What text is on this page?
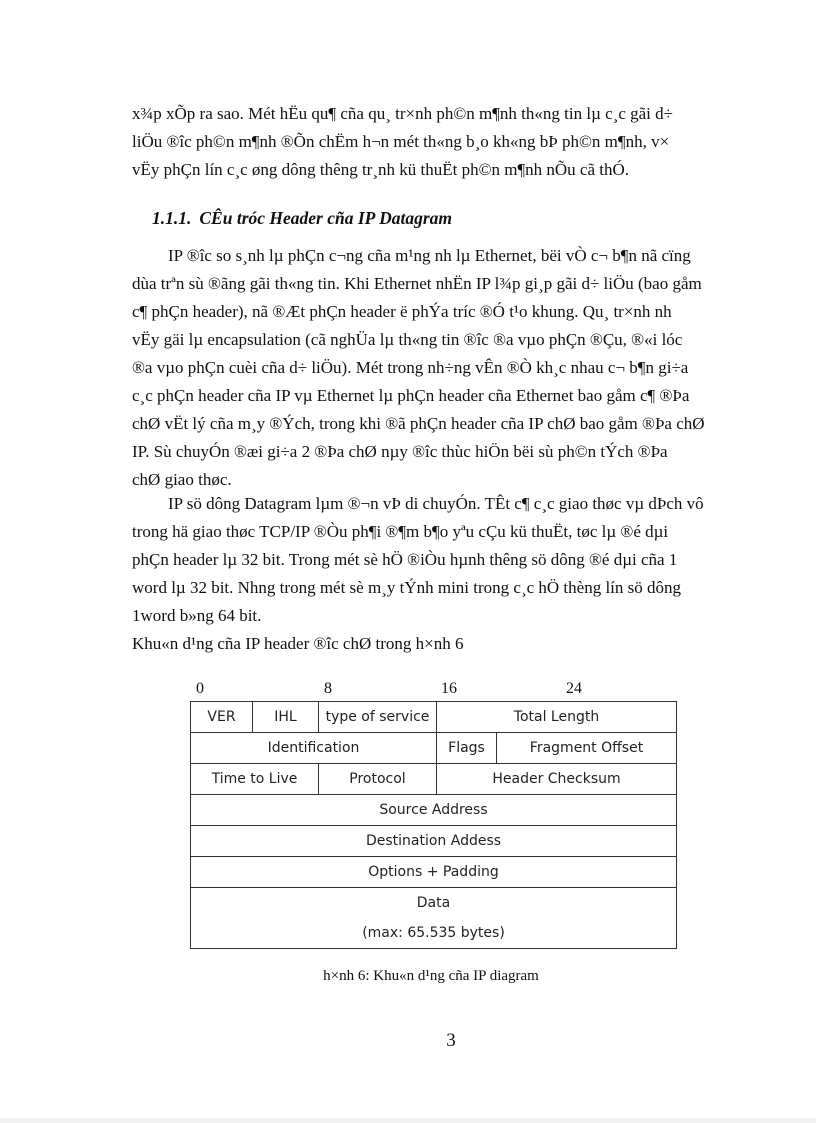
x¾p xÕp ra sao. Mét hËu qu¶ cña qu¸ tr×nh ph©n m¶nh th«ng tin lµ c¸c gãi d÷
liÖu ®îc ph©n m¶nh ®Õn chËm h¬n mét th«ng b¸o kh«ng bÞ ph©n m¶nh, v×
vËy phÇn lín c¸c øng dông thêng tr¸nh kü thuËt ph©n m¶nh nÕu cã thÓ.
1.1.1. CÊu tróc Header cña IP Datagram
IP ®îc so s¸nh lµ phÇn c¬ng cña m¹ng nh lµ Ethernet, bëi vÒ c¬ b¶n nã cïng
dùa trªn sù ®ãng gãi th«ng tin. Khi Ethernet nhËn IP l¾p gi¸p gãi d÷ liÖu (bao gåm
c¶ phÇn header), nã ®Æt phÇn header ë phÝa tríc ®Ó t¹o khung. Qu¸ tr×nh nh
vËy gäi lµ encapsulation (cã nghÜa lµ th«ng tin ®îc ®a vµo phÇn ®Çu, ®«i lóc
®a vµo phÇn cuèi cña d÷ liÖu). Mét trong nh÷ng vÊn ®Ò kh¸c nhau c¬ b¶n gi÷a
c¸c phÇn header cña IP vµ Ethernet lµ phÇn header cña Ethernet bao gåm c¶ ®Þa
chØ vËt lý cña m¸y ®Ých, trong khi ®ã phÇn header cña IP chØ bao gåm ®Þa chØ
IP. Sù chuyÓn ®æi gi÷a 2 ®Þa chØ nµy ®îc thùc hiÖn bëi sù ph©n tÝch ®Þa
chØ giao thøc.
IP sö dông Datagram lµm ®¬n vÞ di chuyÓn. TÊt c¶ c¸c giao thøc vµ dÞch vô
trong hä giao thøc TCP/IP ®Òu ph¶i ®¶m b¶o yªu cÇu kü thuËt, tøc lµ ®é dµi
phÇn header lµ 32 bit. Trong mét sè hÖ ®iÒu hµnh thêng sö dông ®é dµi cña 1
word lµ 32 bit. Nhng trong mét sè m¸y tÝnh mini trong c¸c hÖ thèng lín sö dông
1word b»ng 64 bit.
Khu«n d¹ng cña IP header ®îc chØ trong h×nh 6
0	8	16	24
VER	IHL	type of service	Total Length	
Identification			Flags	Fragment Offset
Time to Live		Protocol	Header Checksum	
Source Address				
Destination Addess				
Options + Padding				

Data
(max: 65.535 bytes)				
h×nh 6: Khu«n d¹ng cña IP diagram
3
